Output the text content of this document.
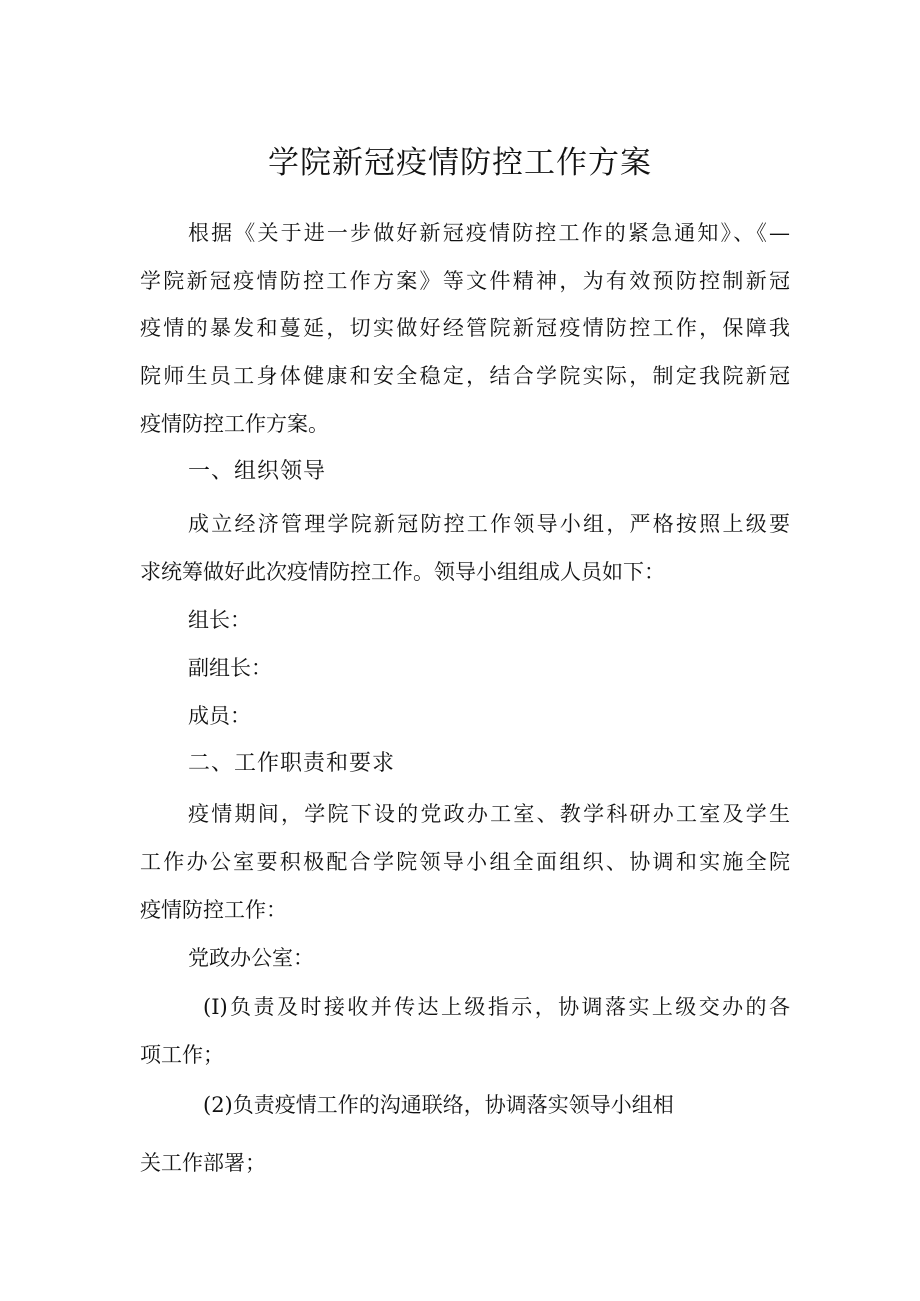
学院新冠疫情防控工作方案
根据《关于进一步做好新冠疫情防控工作的紧急通知》、《—
学院新冠疫情防控工作方案》等文件精神，为有效预防控制新冠
疫情的暴发和蔓延，切实做好经管院新冠疫情防控工作，保障我
院师生员工身体健康和安全稳定，结合学院实际，制定我院新冠
疫情防控工作方案。
一、组织领导
成立经济管理学院新冠防控工作领导小组，严格按照上级要
求统筹做好此次疫情防控工作。领导小组组成人员如下：
组长：
副组长：
成员：
二、工作职责和要求
疫情期间，学院下设的党政办工室、教学科研办工室及学生
工作办公室要积极配合学院领导小组全面组织、协调和实施全院
疫情防控工作：
党政办公室：
(I)负责及时接收并传达上级指示，协调落实上级交办的各
项工作；
(2)负责疫情工作的沟通联络，协调落实领导小组相
关工作部署；
